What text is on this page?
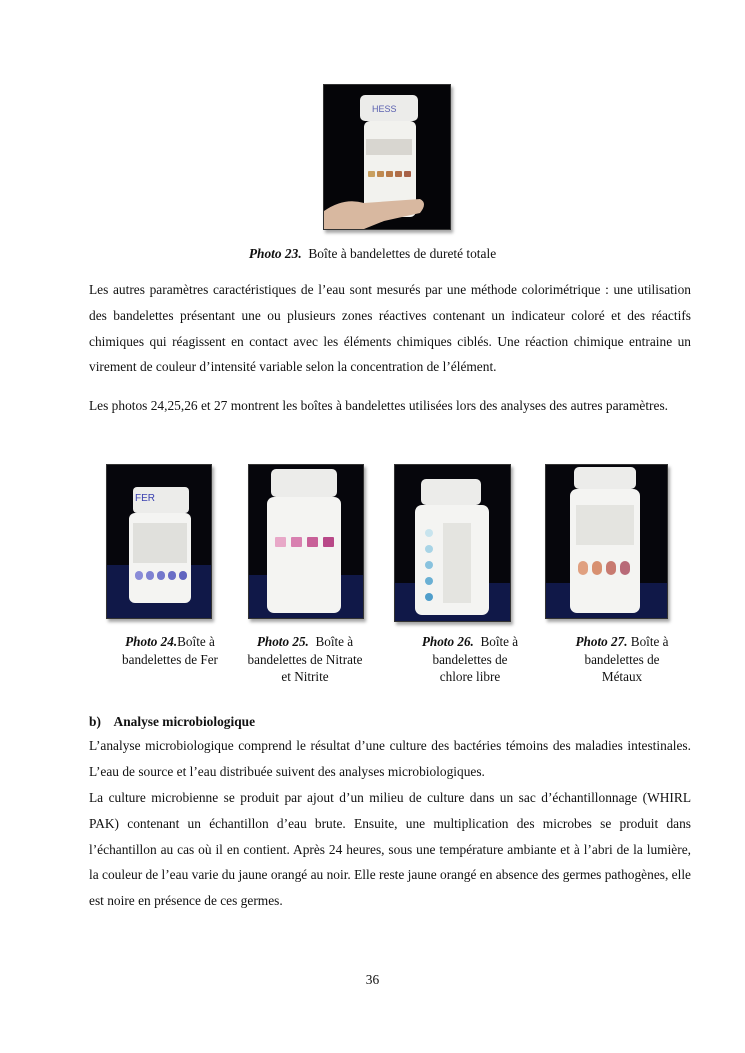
HESS
Photo 23. Boîte à bandelettes de dureté totale

Les autres paramètres caractéristiques de l’eau sont mesurés par une méthode colorimétrique : une utilisation des bandelettes présentant une ou plusieurs zones réactives contenant un indicateur coloré et des réactifs chimiques qui réagissent en contact avec les éléments chimiques ciblés. Une réaction chimique entraine un virement de couleur d’intensité variable selon la concentration de l’élément.

Les photos 24,25,26 et 27 montrent les boîtes à bandelettes utilisées lors des analyses des autres paramètres.

FER
Photo 24.Boîte à
bandelettes de Fer
Photo 25. Boîte à
bandelettes de Nitrate
et Nitrite
Photo 26. Boîte à
bandelettes de
chlore libre
Photo 27. Boîte à
bandelettes de
Métaux
b)    Analyse microbiologique

L’analyse microbiologique comprend le résultat d’une culture des bactéries témoins des maladies intestinales. L’eau de source et l’eau distribuée suivent des analyses microbiologiques.

La culture microbienne se produit par ajout d’un milieu de culture dans un sac d’échantillonnage (WHIRL PAK) contenant un échantillon d’eau brute. Ensuite, une multiplication des microbes se produit dans l’échantillon au cas où il en contient. Après 24 heures, sous une température ambiante et à l’abri de la lumière, la couleur de l’eau varie du jaune orangé au noir. Elle reste jaune orangé en absence des germes pathogènes, elle est noire en présence de ces germes.

36
